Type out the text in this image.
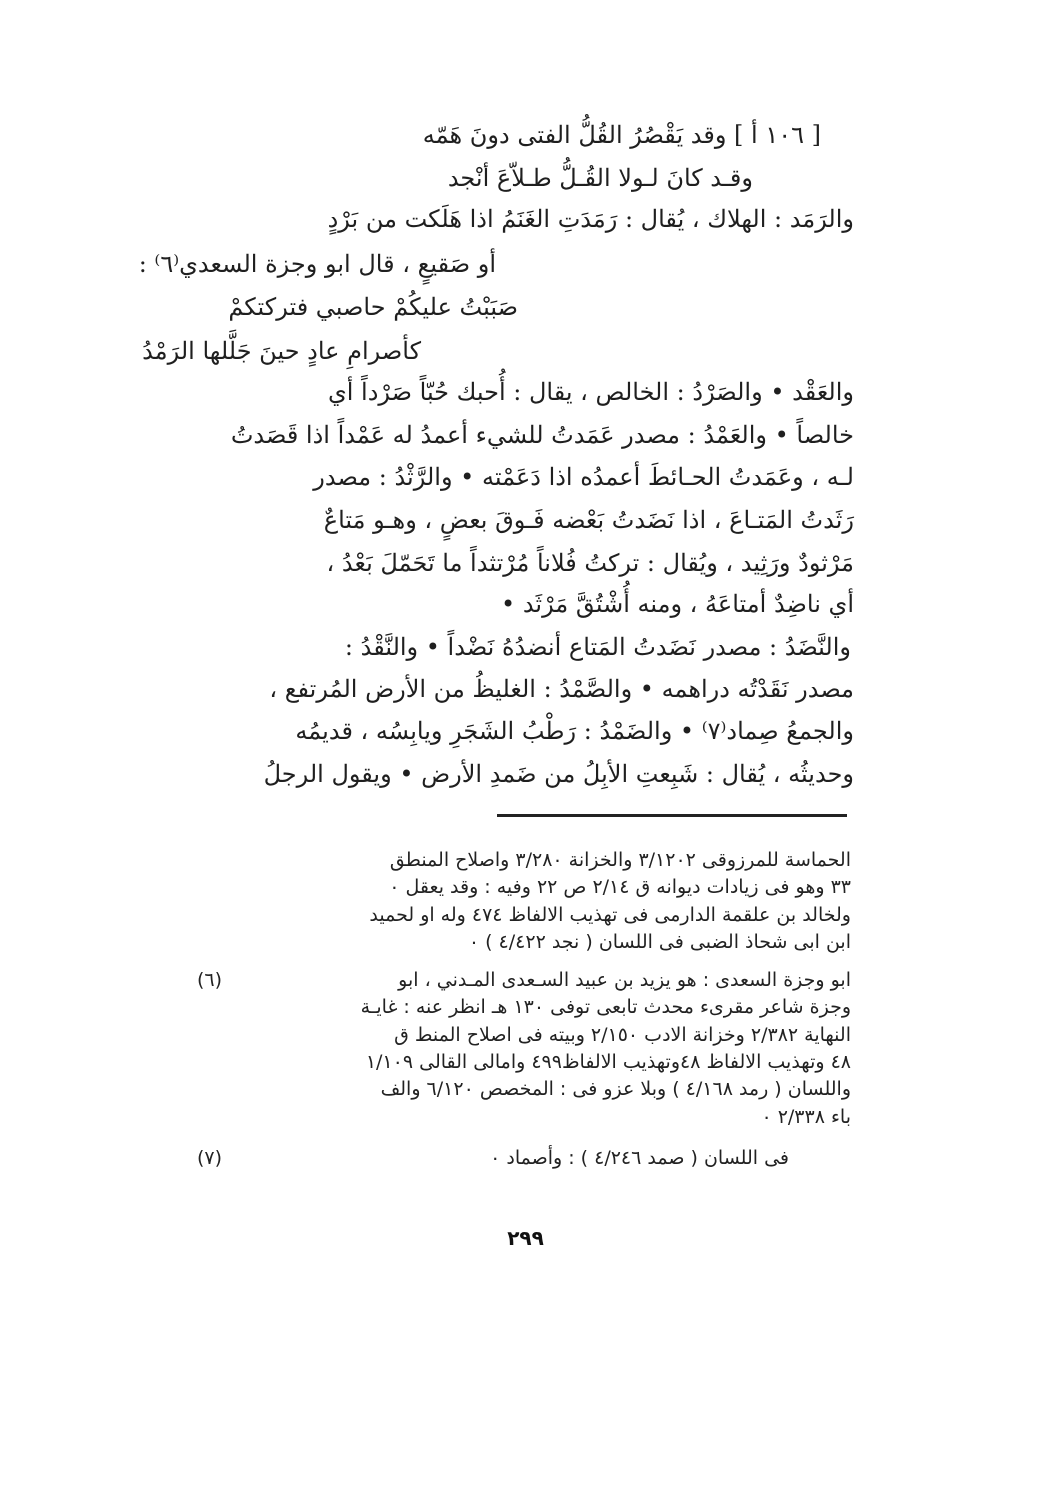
[ ١٠٦ أ ] وقد يَقْصُرُ القُلُّ الفتى دونَ هَمّه
وقـد كانَ لـولا القُـلُّ طـلاّعَ أنْجد
والرَمَد : الهلاك ، يُقال : رَمَدَتِ الغَنَمُ اذا هَلَكت من بَرْدٍ
أو صَقيعٍ ، قال ابو وجزة السعدي⁽٦⁾ :
صَبَبْتُ عليكُمْ حاصبي فتركتكمْ
كأصرامِ عادٍ حينَ جَلَّلها الرَمْدُ
والعَقْد • والصَرْدُ : الخالص ، يقال : أُحبك حُبّاً صَرْداً أي
خالصاً • والعَمْدُ : مصدر عَمَدتُ للشيء أعمدُ له عَمْداً اذا قَصَدتُ
لـه ، وعَمَدتُ الحـائطَ أعمدُه اذا دَعَمْته • والرَّثْدُ : مصدر
رَثَدتُ المَتـاعَ ، اذا نَضَدتُ بَعْضه فَـوقَ بعضٍ ، وهـو مَتاعٌ
مَرْثودٌ ورَثِيد ، ويُقال : تركتُ فُلاناً مُرْتثداً ما تَحَمّلَ بَعْدُ ،
أي ناضِدٌ أمتاعَهُ ، ومنه أُشْتُقَّ مَرْثَد •
والنَّضَدُ : مصدر نَضَدتُ المَتاع أنضدُهُ نَضْداً • والنَّقْدُ :
مصدر نَقَدْتُه دراهمه • والصَّمْدُ : الغليظُ من الأرض المُرتفع ،
والجمعُ صِماد⁽٧⁾ • والضَمْدُ : رَطْبُ الشَجَرِ ويابِسُه ، قديمُه
وحديثُه ، يُقال : شَبِعتِ الأبِلُ من ضَمدِ الأرض • ويقول الرجلُ
الحماسة للمرزوقى ٣/١٢٠٢ والخزانة ٣/٢٨٠ واصلاح المنطق
٣٣ وهو فى زيادات ديوانه ق ٢/١٤ ص ٢٢ وفيه : وقد يعقل ٠
ولخالد بن علقمة الدارمى فى تهذيب الالفاظ ٤٧٤ وله او لحميد
ابن ابى شحاذ الضبى فى اللسان ( نجد ٤/٤٢٢ ) ٠
(٦)	ابو وجزة السعدى : هو يزيد بن عبيد السـعدى المـدني ، ابو
وجزة شاعر مقرىء محدث تابعى توفى ١٣٠ هـ انظر عنه : غايـة
النهاية ٢/٣٨٢ وخزانة الادب ٢/١٥٠ وبيته فى اصلاح المنط ق
٤٨ وتهذيب الالفاظ ٤٨وتهذيب الالفاظ٤٩٩ وامالى القالى ١/١٠٩
واللسان ( رمد ٤/١٦٨ ) وبلا عزو فى : المخصص ٦/١٢٠ والف
باء ٢/٣٣٨ ٠
(٧)	فى اللسان ( صمد ٤/٢٤٦ ) : وأصماد ٠
٢٩٩
